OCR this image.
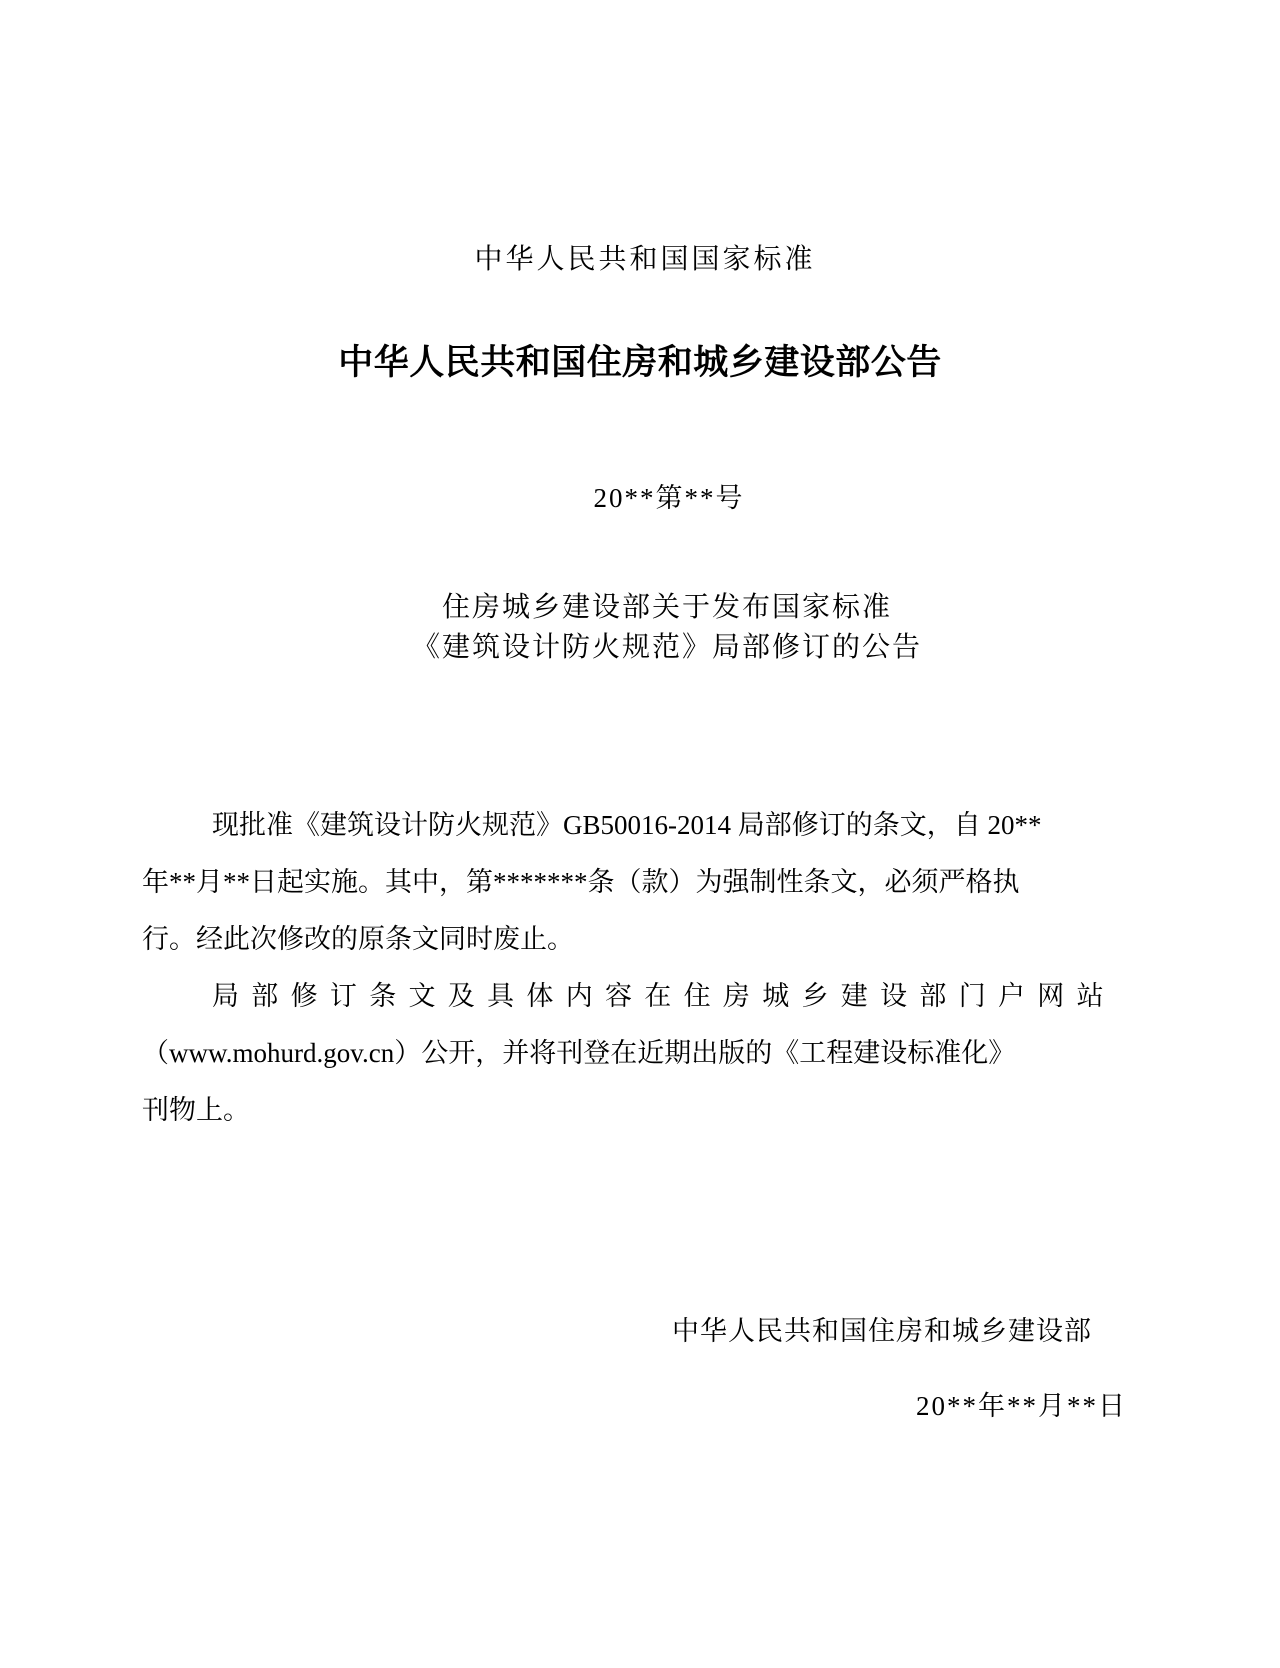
中华人民共和国国家标准
中华人民共和国住房和城乡建设部公告
20**第**号
住房城乡建设部关于发布国家标准
《建筑设计防火规范》局部修订的公告
现批准《建筑设计防火规范》GB50016-2014 局部修订的条文，自 20**
年**月**日起实施。其中，第*******条（款）为强制性条文，必须严格执
行。经此次修改的原条文同时废止。
局部修订条文及具体内容在住房城乡建设部门户网站
（www.mohurd.gov.cn）公开，并将刊登在近期出版的《工程建设标准化》
刊物上。
中华人民共和国住房和城乡建设部
20**年**月**日
